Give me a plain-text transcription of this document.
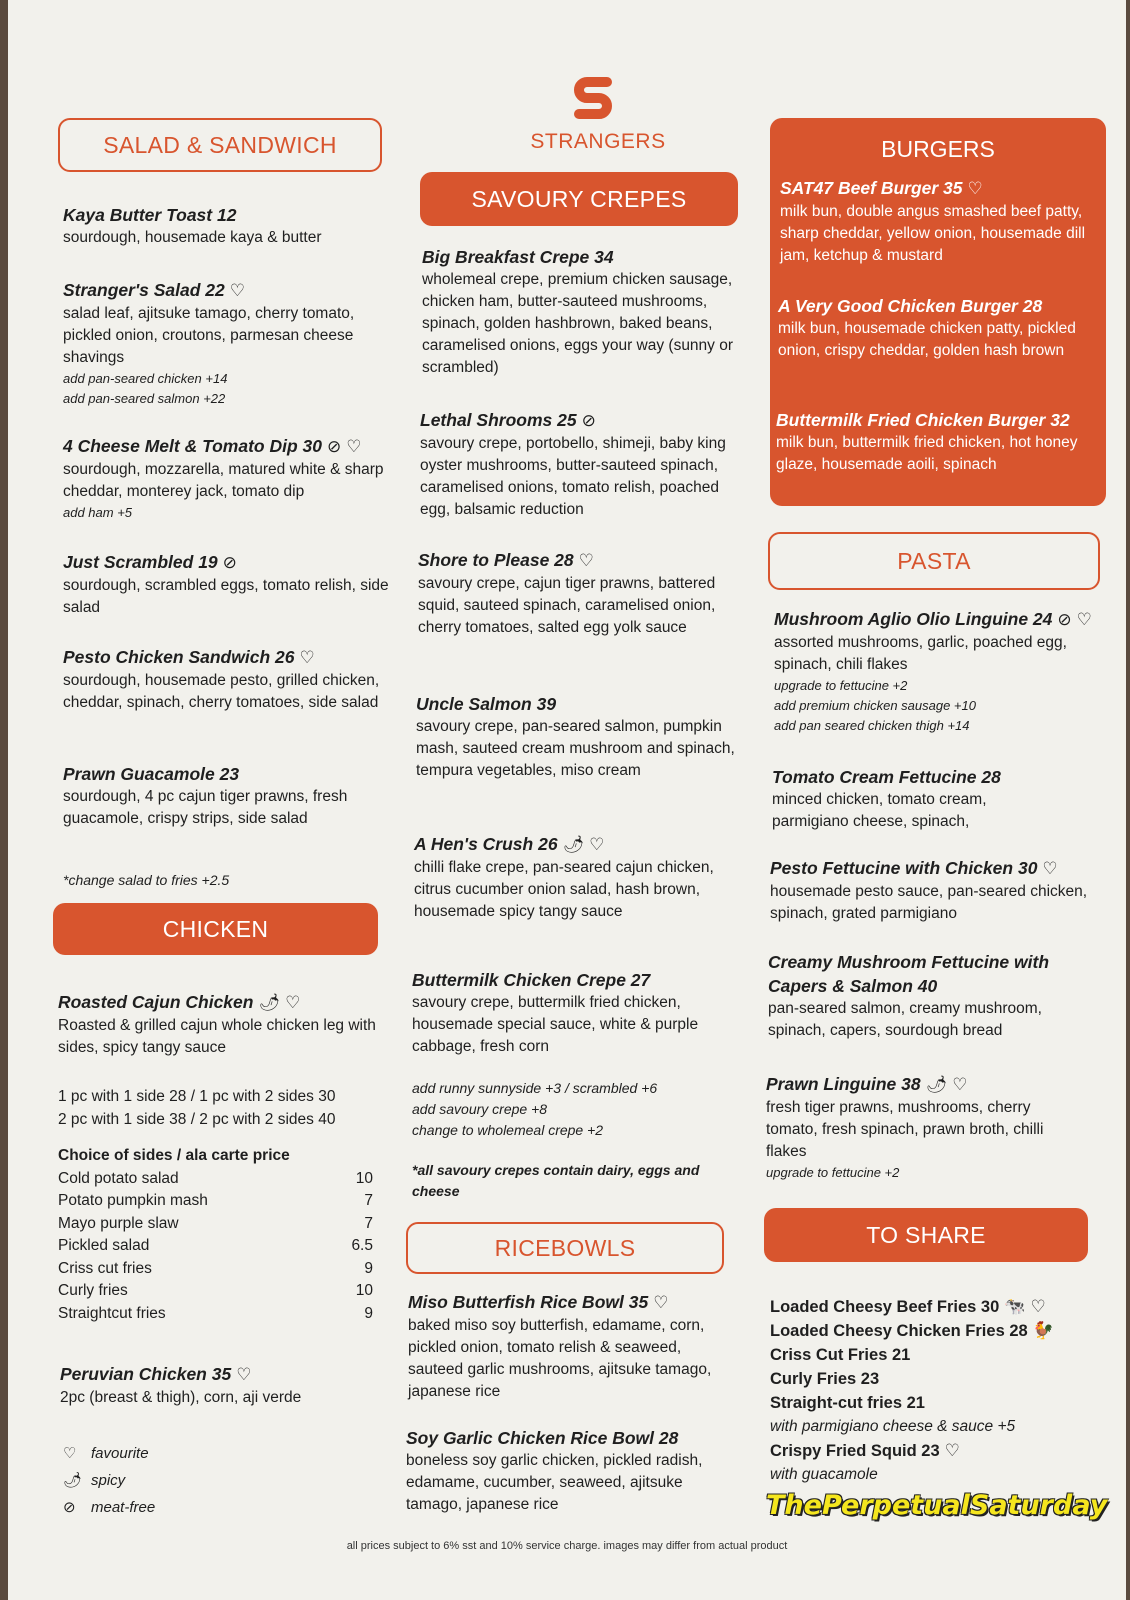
STRANGERS
SALAD & SANDWICH
Kaya Butter Toast 12
sourdough, housemade kaya & butter
Stranger's Salad 22 ♡
salad leaf, ajitsuke tamago, cherry tomato, pickled onion, croutons, parmesan cheese shavings
add pan-seared chicken +14
add pan-seared salmon +22
4 Cheese Melt & Tomato Dip 30 ⊘ ♡
sourdough, mozzarella, matured white & sharp cheddar, monterey jack, tomato dip
add ham +5
Just Scrambled 19 ⊘
sourdough, scrambled eggs, tomato relish, side salad
Pesto Chicken Sandwich 26 ♡
sourdough, housemade pesto, grilled chicken, cheddar, spinach, cherry tomatoes, side salad
Prawn Guacamole 23
sourdough, 4 pc cajun tiger prawns, fresh guacamole, crispy strips, side salad
*change salad to fries +2.5
CHICKEN
Roasted Cajun Chicken 🌶 ♡
Roasted & grilled cajun whole chicken leg with sides, spicy tangy sauce
1 pc with 1 side 28 / 1 pc with 2 sides 30
2 pc with 1 side 38 / 2 pc with 2 sides 40
Choice of sides / ala carte price
Cold potato salad	10
Potato pumpkin mash	7
Mayo purple slaw	7
Pickled salad	6.5
Criss cut fries	9
Curly fries	10
Straightcut fries	9
Peruvian Chicken 35 ♡
2pc (breast & thigh), corn, aji verde
♡ favourite
🌶 spicy
⊘	meat-free
SAVOURY CREPES
Big Breakfast Crepe 34
wholemeal crepe, premium chicken sausage, chicken ham, butter-sauteed mushrooms, spinach, golden hashbrown, baked beans, caramelised onions, eggs your way (sunny or scrambled)
Lethal Shrooms 25 ⊘
savoury crepe, portobello, shimeji, baby king oyster mushrooms, butter-sauteed spinach, caramelised onions, tomato relish, poached egg, balsamic reduction
Shore to Please 28 ♡
savoury crepe, cajun tiger prawns, battered squid, sauteed spinach, caramelised onion, cherry tomatoes, salted egg yolk sauce
Uncle Salmon 39
savoury crepe, pan-seared salmon, pumpkin mash, sauteed cream mushroom and spinach, tempura vegetables, miso cream
A Hen's Crush 26 🌶 ♡
chilli flake crepe, pan-seared cajun chicken, citrus cucumber onion salad, hash brown, housemade spicy tangy sauce
Buttermilk Chicken Crepe 27
savoury crepe, buttermilk fried chicken, housemade special sauce, white & purple cabbage, fresh corn
add runny sunnyside +3 / scrambled +6
add savoury crepe +8
change to wholemeal crepe +2
*all savoury crepes contain dairy, eggs and cheese
RICEBOWLS
Miso Butterfish Rice Bowl 35 ♡
baked miso soy butterfish, edamame, corn, pickled onion, tomato relish & seaweed, sauteed garlic mushrooms, ajitsuke tamago, japanese rice
Soy Garlic Chicken Rice Bowl 28
boneless soy garlic chicken, pickled radish, edamame, cucumber, seaweed, ajitsuke tamago, japanese rice
BURGERS
SAT47 Beef Burger 35 ♡
milk bun, double angus smashed beef patty, sharp cheddar, yellow onion, housemade dill jam, ketchup & mustard
A Very Good Chicken Burger 28
milk bun, housemade chicken patty, pickled onion, crispy cheddar, golden hash brown
Buttermilk Fried Chicken Burger 32
milk bun, buttermilk fried chicken, hot honey glaze, housemade aoili, spinach
PASTA
Mushroom Aglio Olio Linguine 24 ⊘ ♡
assorted mushrooms, garlic, poached egg, spinach, chili flakes
upgrade to fettucine +2
add premium chicken sausage +10
add pan seared chicken thigh +14
Tomato Cream Fettucine 28
minced chicken, tomato cream, parmigiano cheese, spinach,
Pesto Fettucine with Chicken 30 ♡
housemade pesto sauce, pan-seared chicken, spinach, grated parmigiano
Creamy Mushroom Fettucine with Capers & Salmon 40
pan-seared salmon, creamy mushroom, spinach, capers, sourdough bread
Prawn Linguine 38 🌶 ♡
fresh tiger prawns, mushrooms, cherry tomato, fresh spinach, prawn broth, chilli flakes
upgrade to fettucine +2
TO SHARE
Loaded Cheesy Beef Fries 30 🐄 ♡
Loaded Cheesy Chicken Fries 28 🐓
Criss Cut Fries 21
Curly Fries 23
Straight-cut fries 21
with parmigiano cheese & sauce +5
Crispy Fried Squid 23 ♡
with guacamole
ThePerpetualSaturday
all prices subject to 6% sst and 10% service charge. images may differ from actual product
